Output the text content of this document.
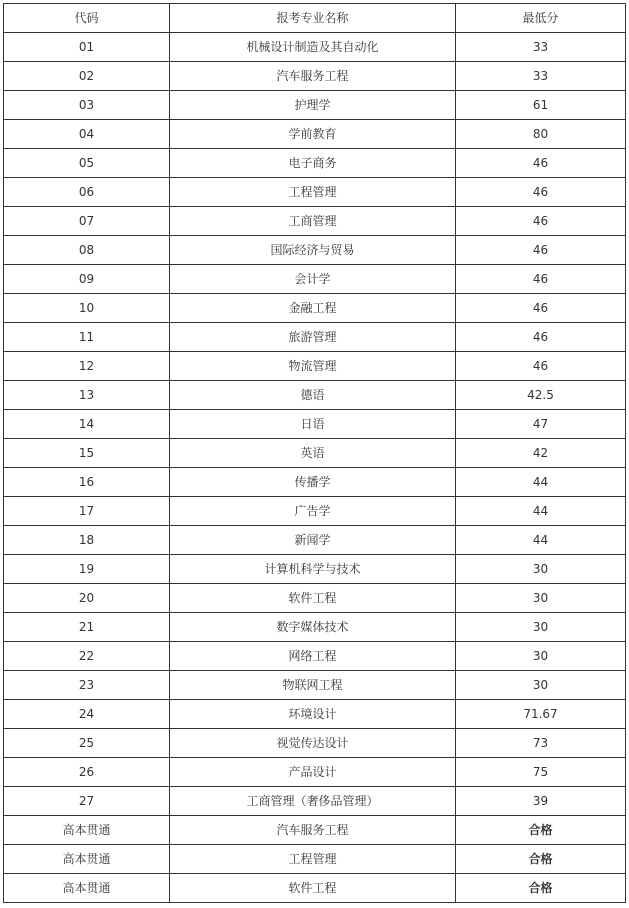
代码	报考专业名称	最低分
01	机械设计制造及其自动化	33
02	汽车服务工程	33
03	护理学	61
04	学前教育	80
05	电子商务	46
06	工程管理	46
07	工商管理	46
08	国际经济与贸易	46
09	会计学	46
10	金融工程	46
11	旅游管理	46
12	物流管理	46
13	德语	42.5
14	日语	47
15	英语	42
16	传播学	44
17	广告学	44
18	新闻学	44
19	计算机科学与技术	30
20	软件工程	30
21	数字媒体技术	30
22	网络工程	30
23	物联网工程	30
24	环境设计	71.67
25	视觉传达设计	73
26	产品设计	75
27	工商管理（奢侈品管理）	39
高本贯通	汽车服务工程	合格
高本贯通	工程管理	合格
高本贯通	软件工程	合格
